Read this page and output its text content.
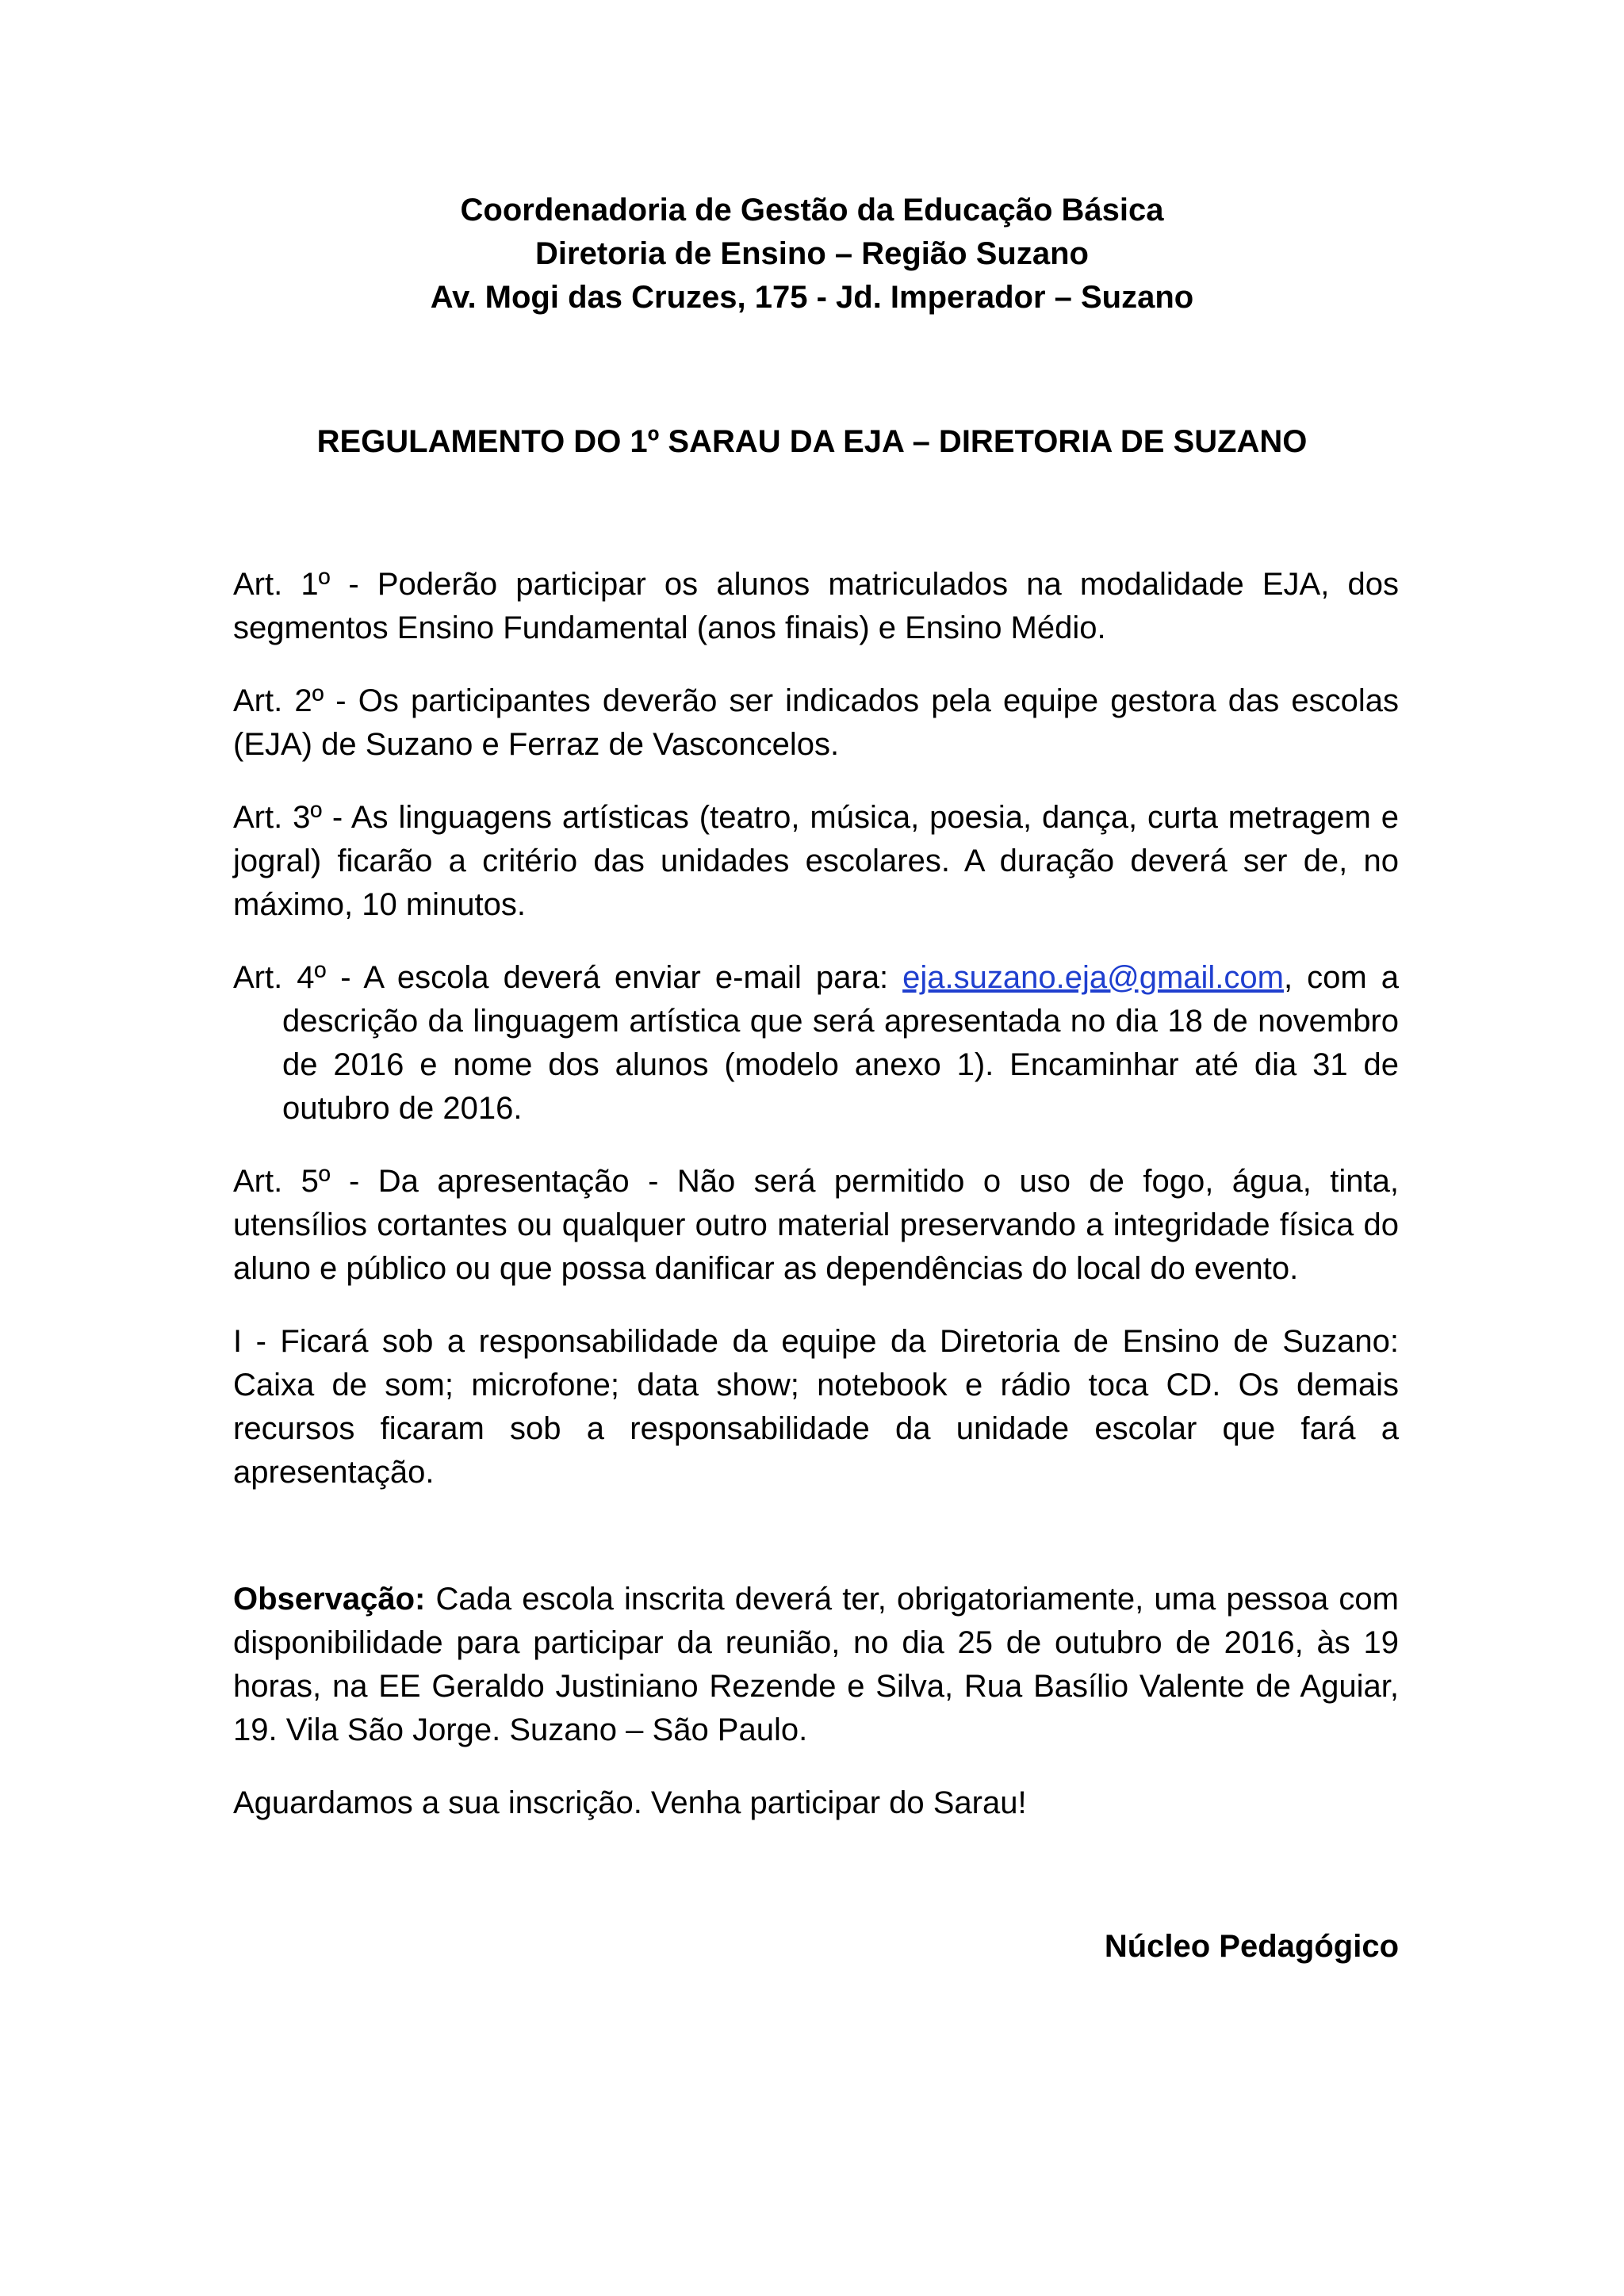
Coordenadoria de Gestão da Educação Básica
Diretoria de Ensino – Região Suzano
Av. Mogi das Cruzes, 175 - Jd. Imperador – Suzano
REGULAMENTO DO 1º SARAU DA EJA – DIRETORIA DE SUZANO

Art. 1º - Poderão participar os alunos matriculados na modalidade EJA, dos segmentos Ensino Fundamental (anos finais) e Ensino Médio.

Art. 2º - Os participantes deverão ser indicados pela equipe gestora das escolas (EJA) de Suzano e Ferraz de Vasconcelos.

Art. 3º - As linguagens artísticas (teatro, música, poesia, dança, curta metragem e jogral) ficarão a critério das unidades escolares. A duração deverá ser de, no máximo, 10 minutos.

Art. 4º - A escola deverá enviar e-mail para: eja.suzano.eja@gmail.com, com a descrição da linguagem artística que será apresentada no dia 18 de novembro de 2016 e nome dos alunos (modelo anexo 1). Encaminhar até dia 31 de outubro de 2016.

Art. 5º - Da apresentação - Não será permitido o uso de fogo, água, tinta, utensílios cortantes ou qualquer outro material preservando a integridade física do aluno e público ou que possa danificar as dependências do local do evento.

I - Ficará sob a responsabilidade da equipe da Diretoria de Ensino de Suzano: Caixa de som; microfone; data show; notebook e rádio toca CD. Os demais recursos ficaram sob a responsabilidade da unidade escolar que fará a apresentação.

Observação: Cada escola inscrita deverá ter, obrigatoriamente, uma pessoa com disponibilidade para participar da reunião, no dia 25 de outubro de 2016, às 19 horas, na EE Geraldo Justiniano Rezende e Silva, Rua Basílio Valente de Aguiar, 19. Vila São Jorge. Suzano – São Paulo.

Aguardamos a sua inscrição. Venha participar do Sarau!

Núcleo Pedagógico
